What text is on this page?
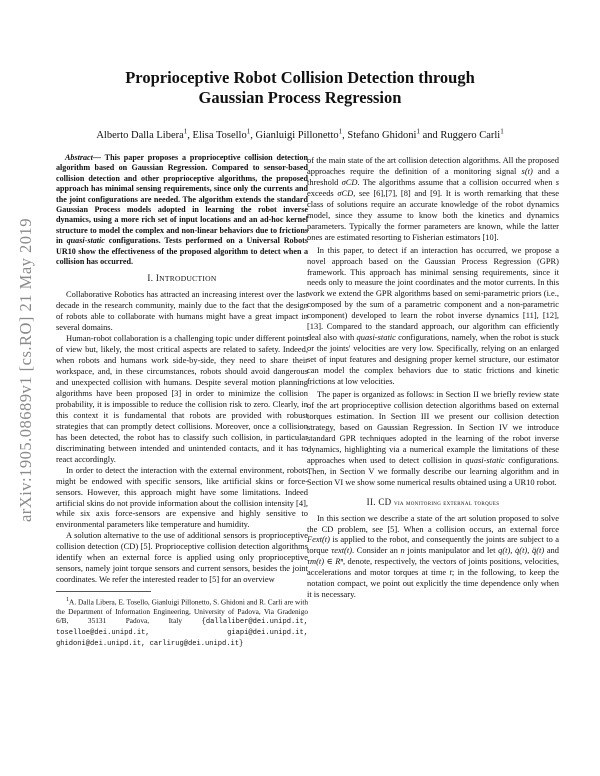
arXiv:1905.08689v1 [cs.RO] 21 May 2019
Proprioceptive Robot Collision Detection through
Gaussian Process Regression
Alberto Dalla Libera$^1$, Elisa Tosello$^1$, Gianluigi Pillonetto$^1$, Stefano Ghidoni$^1$ and Ruggero Carli$^1$

Abstract— This paper proposes a proprioceptive collision detection algorithm based on Gaussian Regression. Compared to sensor-based collision detection and other proprioceptive algorithms, the proposed approach has minimal sensing requirements, since only the currents and the joint configurations are needed. The algorithm extends the standard Gaussian Process models adopted in learning the robot inverse dynamics, using a more rich set of input locations and an ad-hoc kernel structure to model the complex and non-linear behaviors due to frictions in quasi-static configurations. Tests performed on a Universal Robots UR10 show the effectiveness of the proposed algorithm to detect when a collision has occurred.

I. INTRODUCTION

Collaborative Robotics has attracted an increasing interest over the last decade in the research community, mainly due to the fact that the design of robots able to collaborate with humans might have a great impact in several domains.

Human-robot collaboration is a challenging topic under different points of view but, likely, the most critical aspects are related to safety. Indeed, when robots and humans work side-by-side, they need to share their workspace, and, in these circumstances, robots should avoid dangerous and unexpected collision with humans. Despite several motion planning algorithms have been proposed [3] in order to minimize the collision probability, it is impossible to reduce the collision risk to zero. Clearly, in this context it is fundamental that robots are provided with robust strategies that can promptly detect collisions. Moreover, once a collision has been detected, the robot has to classify such collision, in particular discriminating between intended and unintended contacts, and it has to react accordingly.

In order to detect the interaction with the external environment, robots might be endowed with specific sensors, like artificial skins or force-sensors. However, this approach might have some limitations. Indeed artificial skins do not provide information about the collision intensity [4], while six axis force-sensors are expensive and highly sensitive to environmental parameters like temperature and humidity.

A solution alternative to the use of additional sensors is proprioceptive collision detection (CD) [5]. Proprioceptive collision detection algorithms identify when an external force is applied using only proprioceptive sensors, namely joint torque sensors and current sensors, besides the joint coordinates. We refer the interested reader to [5] for an overview

$^1$A. Dalla Libera, E. Tosello, Gianluigi Pillonetto, S. Ghidoni and R. Carli are with the Department of Information Engineering, University of Padova, Via Gradenigo 6/B, 35131 Padova, Italy {dallaliber@dei.unipd.it, toselloe@dei.unipd.it, giapi@dei.unipd.it, ghidoni@dei.unipd.it, carlirug@dei.unipd.it}

of the main state of the art collision detection algorithms. All the proposed approaches require the definition of a monitoring signal s(t) and a threshold σCD. The algorithms assume that a collision occurred when s exceeds σCD, see [6],[7], [8] and [9]. It is worth remarking that these class of solutions require an accurate knowledge of the robot dynamics model, since they assume to know both the kinetics and dynamics parameters. Typically the former parameters are known, while the latter ones are estimated resorting to Fisherian estimators [10].

In this paper, to detect if an interaction has occurred, we propose a novel approach based on the Gaussian Process Regression (GPR) framework. This approach has minimal sensing requirements, since it needs only to measure the joint coordinates and the motor currents. In this work we extend the GPR algorithms based on semi-parametric priors (i.e., composed by the sum of a parametric component and a non-parametric component) developed to learn the robot inverse dynamics [11], [12], [13]. Compared to the standard approach, our algorithm can efficiently deal also with quasi-static configurations, namely, when the robot is stuck or the joints' velocities are very low. Specifically, relying on an enlarged set of input features and designing proper kernel structure, our estimator can model the complex behaviors due to static frictions and kinetic frictions at low velocities.

The paper is organized as follows: in Section II we briefly review state of the art proprioceptive collision detection algorithms based on external torques estimation. In Section III we present our collision detection strategy, based on Gaussian Regression. In Section IV we introduce standard GPR techniques adopted in the learning of the robot inverse dynamics, highlighting via a numerical example the limitations of these approaches when used to detect collision in quasi-static configurations. Then, in Section V we formally describe our learning algorithm and in Section VI we show some numerical results obtained using a UR10 robot.

II. CD via monitoring external torques

In this section we describe a state of the art solution proposed to solve the CD problem, see [5]. When a collision occurs, an external force Fext(t) is applied to the robot, and consequently the joints are subject to a torque τext(t). Consider an n joints manipulator and let q(t), q̇(t), q̈(t) and τm(t) ∈ Rⁿ, denote, respectively, the vectors of joints positions, velocities, accelerations and motor torques at time t; in the following, to keep the notation compact, we point out explicitly the time dependence only when it is necessary.
